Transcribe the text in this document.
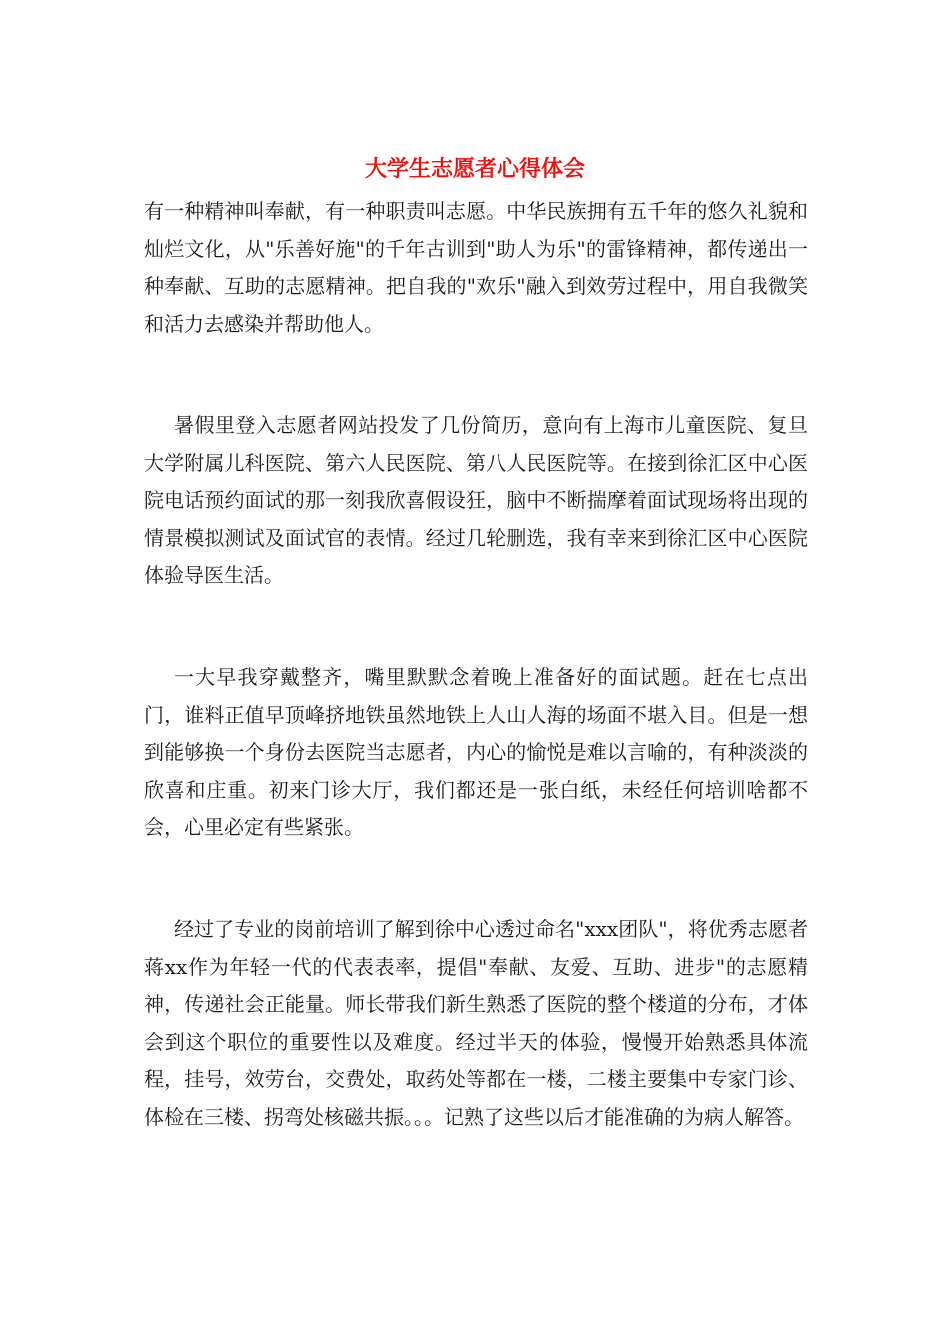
大学生志愿者心得体会

有一种精神叫奉献，有一种职责叫志愿。中华民族拥有五千年的悠久礼貌和灿烂文化，从"乐善好施"的千年古训到"助人为乐"的雷锋精神，都传递出一种奉献、互助的志愿精神。把自我的"欢乐"融入到效劳过程中，用自我微笑和活力去感染并帮助他人。

暑假里登入志愿者网站投发了几份简历，意向有上海市儿童医院、复旦大学附属儿科医院、第六人民医院、第八人民医院等。在接到徐汇区中心医院电话预约面试的那一刻我欣喜假设狂，脑中不断揣摩着面试现场将出现的情景模拟测试及面试官的表情。经过几轮删选，我有幸来到徐汇区中心医院体验导医生活。

一大早我穿戴整齐，嘴里默默念着晚上准备好的面试题。赶在七点出门，谁料正值早顶峰挤地铁虽然地铁上人山人海的场面不堪入目。但是一想到能够换一个身份去医院当志愿者，内心的愉悦是难以言喻的，有种淡淡的欣喜和庄重。初来门诊大厅，我们都还是一张白纸，未经任何培训啥都不会，心里必定有些紧张。

经过了专业的岗前培训了解到徐中心透过命名"xxx团队"，将优秀志愿者蒋xx作为年轻一代的代表表率，提倡"奉献、友爱、互助、进步"的志愿精神，传递社会正能量。师长带我们新生熟悉了医院的整个楼道的分布，才体会到这个职位的重要性以及难度。经过半天的体验，慢慢开始熟悉具体流程，挂号，效劳台，交费处，取药处等都在一楼，二楼主要集中专家门诊、体检在三楼、拐弯处核磁共振。。。记熟了这些以后才能准确的为病人解答。
